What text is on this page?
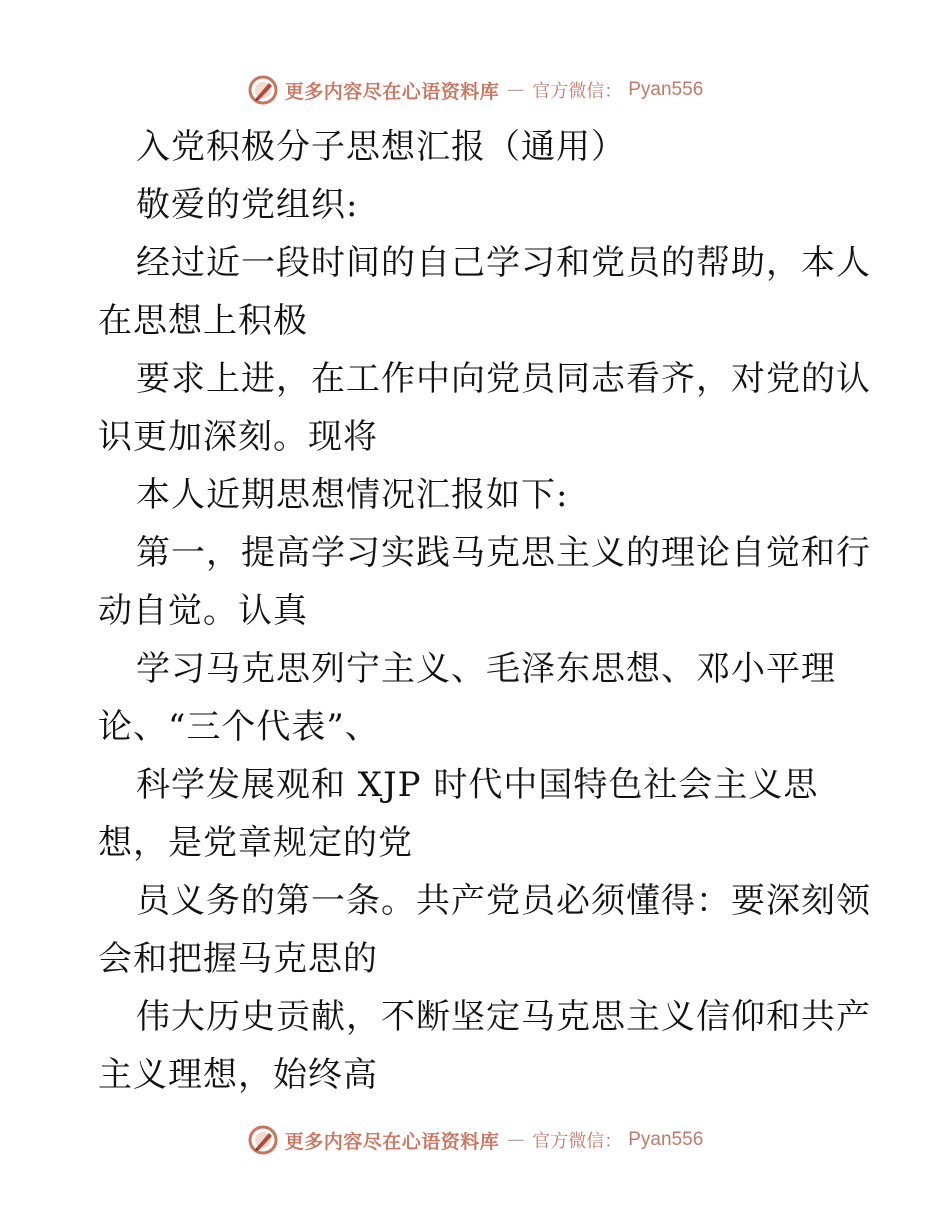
更多内容尽在心语资料库 — 官方微信： Pyan556
入党积极分子思想汇报（通用）
敬爱的党组织:
经过近一段时间的自己学习和党员的帮助，本人
在思想上积极
要求上进，在工作中向党员同志看齐，对党的认
识更加深刻。现将
本人近期思想情况汇报如下:
第一，提高学习实践马克思主义的理论自觉和行
动自觉。认真
学习马克思列宁主义、毛泽东思想、邓小平理
论、“三个代表”、
科学发展观和 XJP 时代中国特色社会主义思
想，是党章规定的党
员义务的第一条。共产党员必须懂得：要深刻领
会和把握马克思的
伟大历史贡献，不断坚定马克思主义信仰和共产
主义理想，始终高
更多内容尽在心语资料库 — 官方微信： Pyan556
